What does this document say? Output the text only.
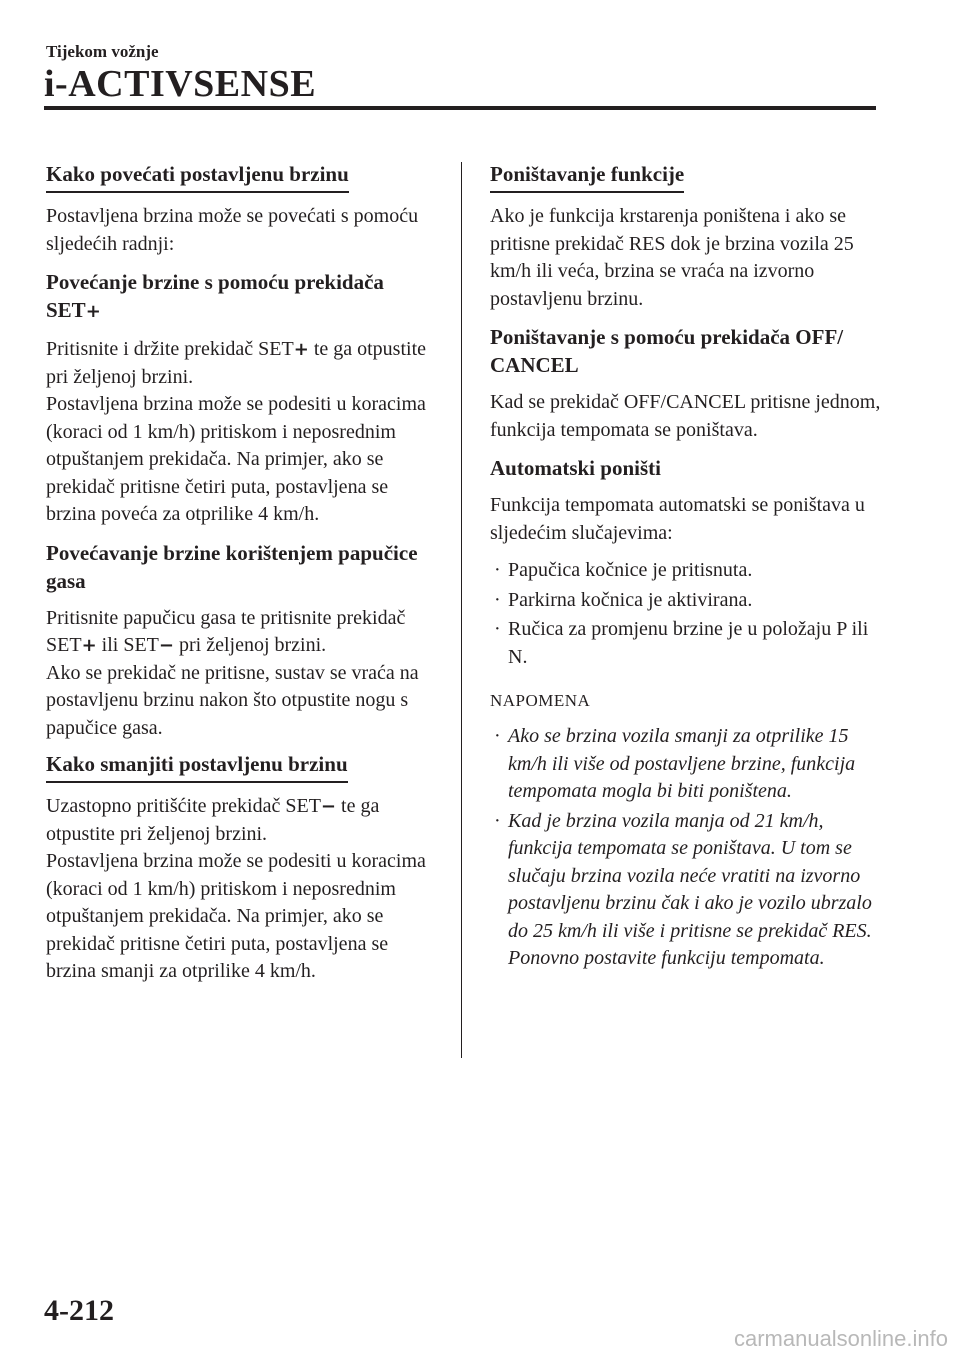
Tijekom vožnje

i-ACTIVSENSE
Kako povećati postavljenu brzinu

Postavljena brzina može se povećati s pomoću sljedećih radnji:

Povećanje brzine s pomoću prekidača SET+

Pritisnite i držite prekidač SET+ te ga otpustite pri željenoj brzini.
Postavljena brzina može se podesiti u koracima (koraci od 1 km/h) pritiskom i neposrednim otpuštanjem prekidača. Na primjer, ako se prekidač pritisne četiri puta, postavljena se brzina poveća za otprilike 4 km/h.

Povećavanje brzine korištenjem papučice gasa

Pritisnite papučicu gasa te pritisnite prekidač SET+ ili SET− pri željenoj brzini.
Ako se prekidač ne pritisne, sustav se vraća na postavljenu brzinu nakon što otpustite nogu s papučice gasa.

Kako smanjiti postavljenu brzinu

Uzastopno pritišćite prekidač SET− te ga otpustite pri željenoj brzini.
Postavljena brzina može se podesiti u koracima (koraci od 1 km/h) pritiskom i neposrednim otpuštanjem prekidača. Na primjer, ako se prekidač pritisne četiri puta, postavljena se brzina smanji za otprilike 4 km/h.

Poništavanje funkcije

Ako je funkcija krstarenja poništena i ako se pritisne prekidač RES dok je brzina vozila 25 km/h ili veća, brzina se vraća na izvorno postavljenu brzinu.

Poništavanje s pomoću prekidača OFF/ CANCEL

Kad se prekidač OFF/CANCEL pritisne jednom, funkcija tempomata se poništava.

Automatski poništi

Funkcija tempomata automatski se poništava u sljedećim slučajevima:

· Papučica kočnice je pritisnuta.
· Parkirna kočnica je aktivirana.
· Ručica za promjenu brzine je u položaju P ili N.

NAPOMENA

· Ako se brzina vozila smanji za otprilike 15 km/h ili više od postavljene brzine, funkcija tempomata mogla bi biti poništena.
· Kad je brzina vozila manja od 21 km/h, funkcija tempomata se poništava. U tom se slučaju brzina vozila neće vratiti na izvorno postavljenu brzinu čak i ako je vozilo ubrzalo do 25 km/h ili više i pritisne se prekidač RES. Ponovno postavite funkciju tempomata.

4-212

carmanualsonline.info
